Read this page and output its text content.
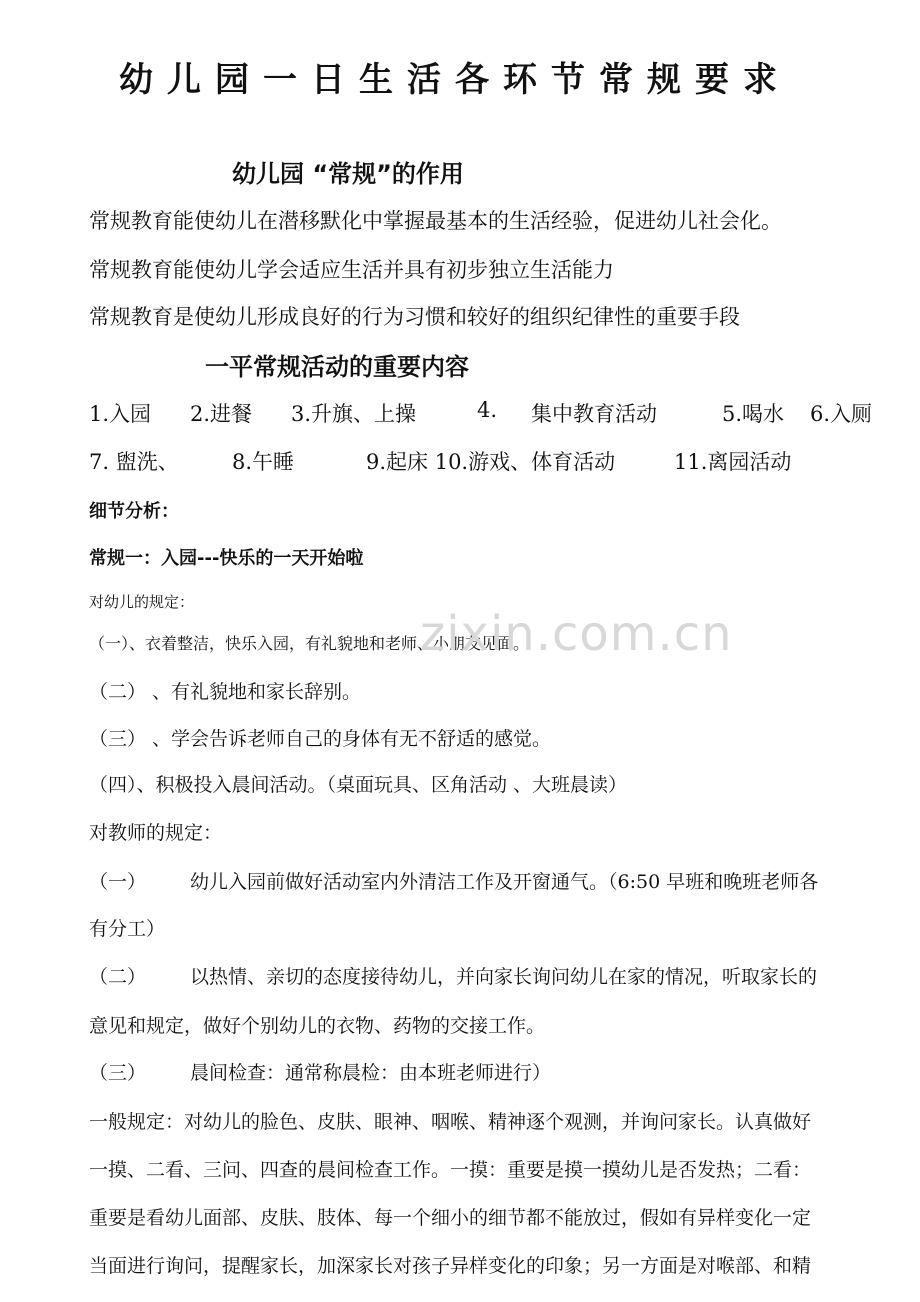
幼儿园一日生活各环节常规要求
幼儿园 “常规”的作用
常规教育能使幼儿在潜移默化中掌握最基本的生活经验，促进幼儿社会化。
常规教育能使幼儿学会适应生活并具有初步独立生活能力
常规教育是使幼儿形成良好的行为习惯和较好的组织纪律性的重要手段
一平常规活动的重要内容
1.入园 2.进餐 3.升旗、上操	4. 集中教育活动	5.喝水 6.入厕
7. 盥洗、	8.午睡	9.起床 10.游戏、体育活动	11.离园活动
细节分析：
常规一：入园---快乐的一天开始啦
对幼儿的规定：
（一）、衣着整洁，快乐入园，有礼貌地和老师、小朋友见面。
（二） 、有礼貌地和家长辞别。
（三） 、学会告诉老师自己的身体有无不舒适的感觉。
（四）、积极投入晨间活动。（桌面玩具、区角活动 、大班晨读）
对教师的规定：
（一） 幼儿入园前做好活动室内外清洁工作及开窗通气。（6:50 早班和晚班老师各
有分工）
（二） 以热情、亲切的态度接待幼儿，并向家长询问幼儿在家的情况，听取家长的
意见和规定，做好个别幼儿的衣物、药物的交接工作。
（三） 晨间检查：通常称晨检：由本班老师进行）
一般规定：对幼儿的脸色、皮肤、眼神、咽喉、精神逐个观测，并询问家长。认真做好
一摸、二看、三问、四查的晨间检查工作。一摸：重要是摸一摸幼儿是否发热；二看：
重要是看幼儿面部、皮肤、肢体、每一个细小的细节都不能放过，假如有异样变化一定
当面进行询问，提醒家长，加深家长对孩子异样变化的印象；另一方面是对喉部、和精
zixin.com.cn
